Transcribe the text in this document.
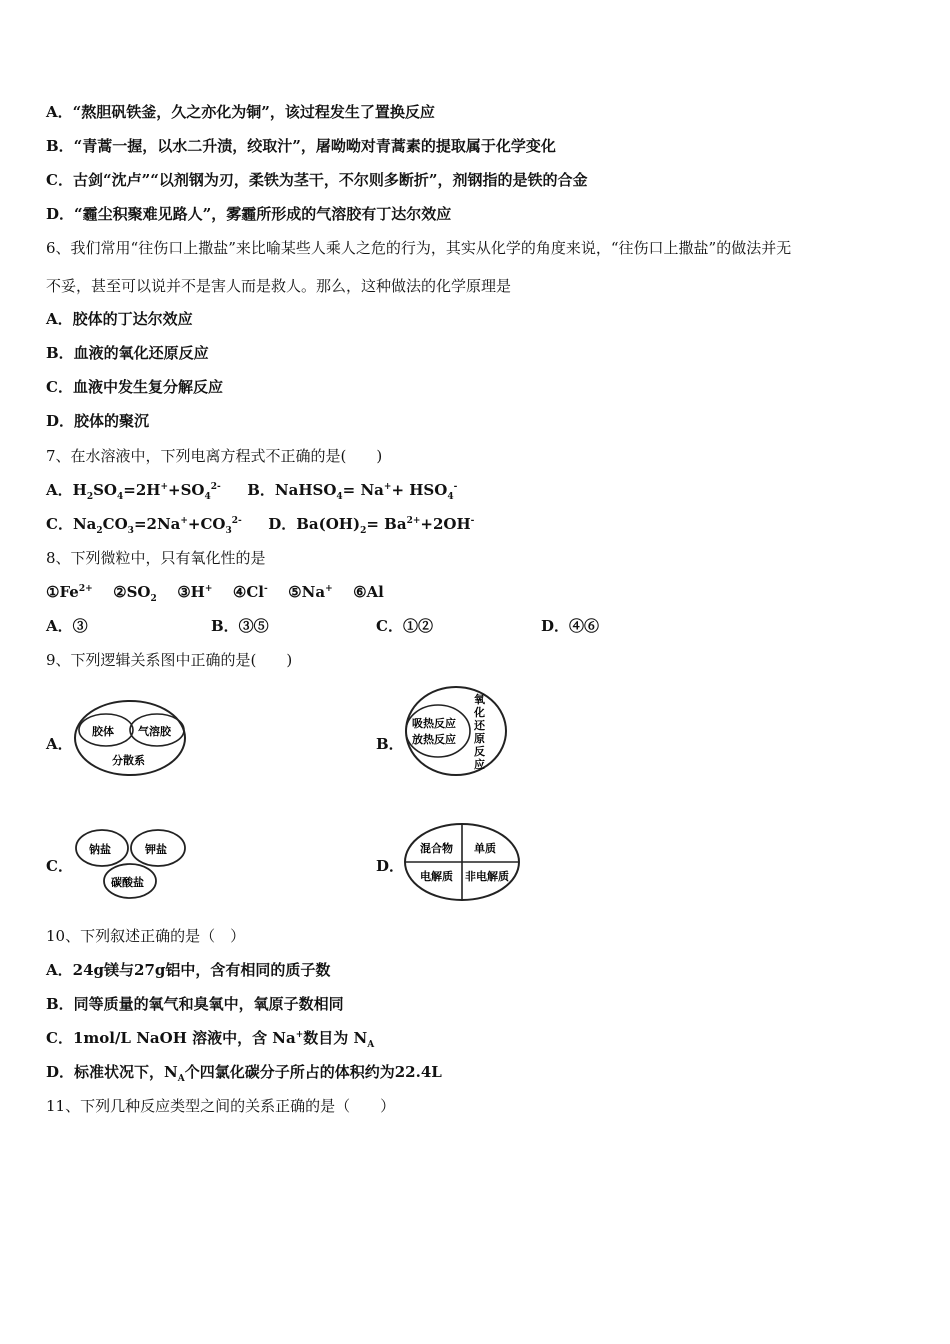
A．“熬胆矾铁釜，久之亦化为铜”，该过程发生了置换反应
B．“青蒿一握，以水二升渍，绞取汁”，屠呦呦对青蒿素的提取属于化学变化
C．古剑“沈卢”“以剂钢为刃，柔铁为茎干，不尔则多断折”，剂钢指的是铁的合金
D．“霾尘积聚难见路人”，雾霾所形成的气溶胶有丁达尔效应
6、我们常用“往伤口上撒盐”来比喻某些人乘人之危的行为，其实从化学的角度来说，“往伤口上撒盐”的做法并无
不妥，甚至可以说并不是害人而是救人。那么，这种做法的化学原理是
A．胶体的丁达尔效应
B．血液的氧化还原反应
C．血液中发生复分解反应
D．胶体的聚沉
7、在水溶液中，下列电离方程式不正确的是(　　)
A．$H_2SO_4=2H^++SO_4^{2-}$ B．NaHSO$_4$= $Na^++ HSO_4^-$
C．$Na_2CO_3=2Na^++CO_3^{2-}$ D．$Ba(OH)_2= Ba^{2+}+2OH^-$
8、下列微粒中，只有氧化性的是
$①Fe^{2+}$ $②SO_2$ ③H+ ④Cl- ⑤Na+ ⑥Al
A．③	B．③⑤	C．①②	D．④⑥
9、下列逻辑关系图中正确的是(　　)
A．
胶体 气溶胶
分散系
B．
吸热反应
放热反应
氧
化
还
原
反
应
C．
钠盐	钾盐
碳酸盐
D．
混合物 单质
电解质 非电解质
10、下列叙述正确的是（　）
A．24g镁与27g铝中，含有相同的质子数
B．同等质量的氧气和臭氧中，氧原子数相同
C．1mol/L NaOH 溶液中，含 Na+数目为 $N_A$
D．标准状况下，$N_A$个四氯化碳分子所占的体积约为22.4L
11、下列几种反应类型之间的关系正确的是（　　）
